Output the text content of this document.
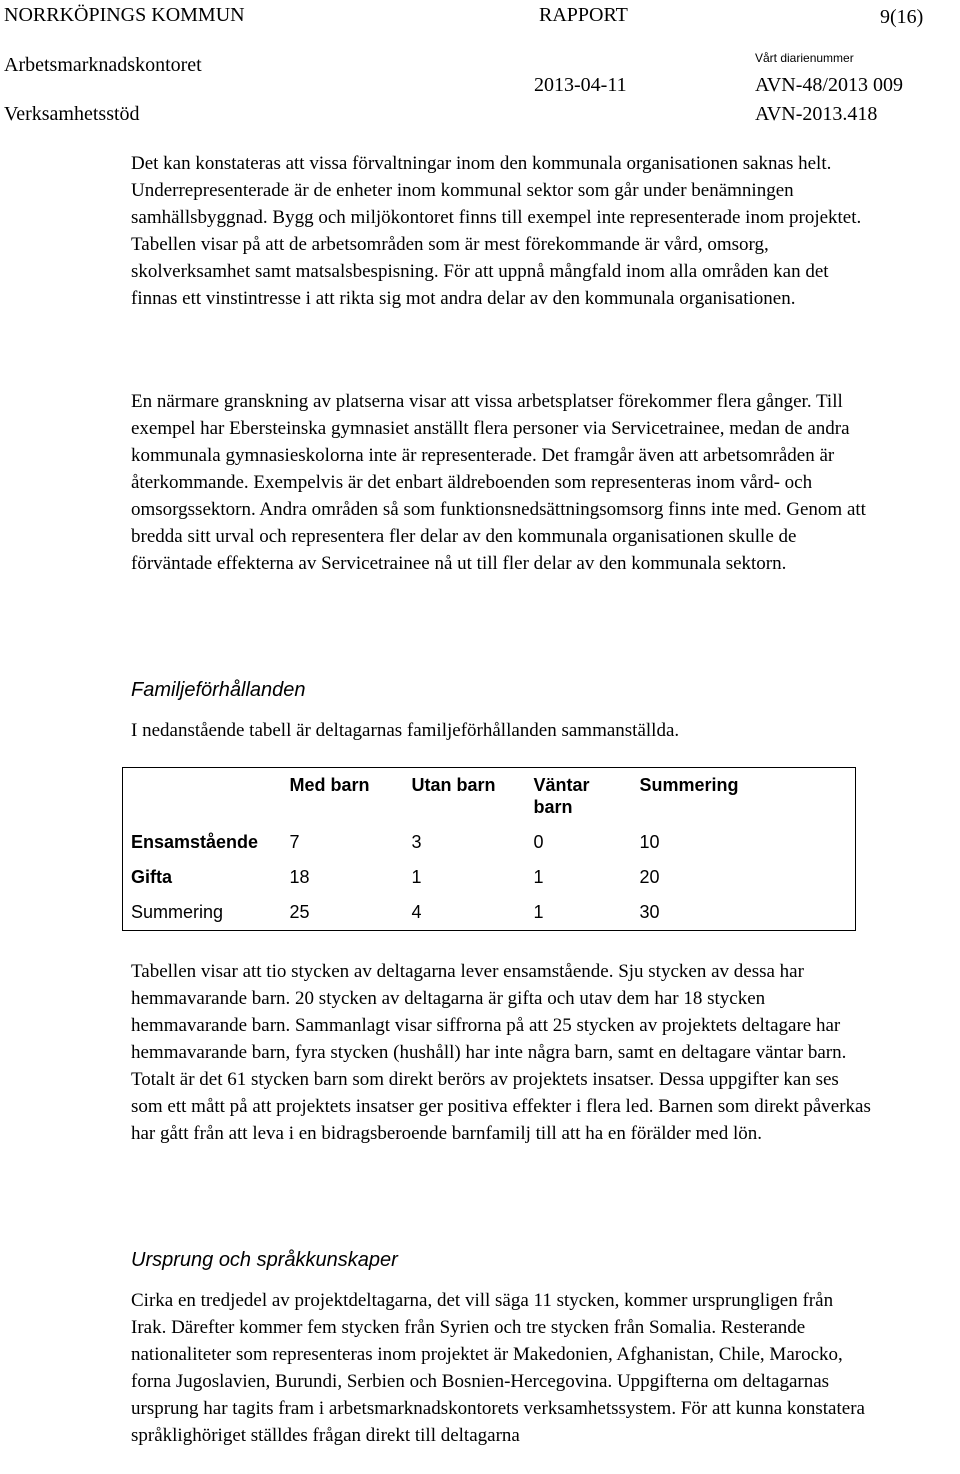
NORRKÖPINGS KOMMUN	RAPPORT	9(16)
Arbetsmarknadskontoret	Vårt diarienummer
2013-04-11	AVN-48/2013 009
Verksamhetsstöd	AVN-2013.418

Det kan konstateras att vissa förvaltningar inom den kommunala organisationen saknas helt. Underrepresenterade är de enheter inom kommunal sektor som går under benämningen samhällsbyggnad. Bygg och miljökontoret finns till exempel inte representerade inom projektet. Tabellen visar på att de arbetsområden som är mest förekommande är vård, omsorg, skolverksamhet samt matsalsbespisning. För att uppnå mångfald inom alla områden kan det finnas ett vinstintresse i att rikta sig mot andra delar av den kommunala organisationen.

En närmare granskning av platserna visar att vissa arbetsplatser förekommer flera gånger. Till exempel har Ebersteinska gymnasiet anställt flera personer via Servicetrainee, medan de andra kommunala gymnasieskolorna inte är representerade. Det framgår även att arbetsområden är återkommande. Exempelvis är det enbart äldreboenden som representeras inom vård- och omsorgssektorn. Andra områden så som funktionsnedsättningsomsorg finns inte med. Genom att bredda sitt urval och representera fler delar av den kommunala organisationen skulle de förväntade effekterna av Servicetrainee nå ut till fler delar av den kommunala sektorn.

Familjeförhållanden

I nedanstående tabell är deltagarnas familjeförhållanden sammanställda.

	Med barn	Utan barn	Väntar barn	Summering
Ensamstående	7	3	0	10
Gifta	18	1	1	20
Summering	25	4	1	30

Tabellen visar att tio stycken av deltagarna lever ensamstående. Sju stycken av dessa har hemmavarande barn. 20 stycken av deltagarna är gifta och utav dem har 18 stycken hemmavarande barn. Sammanlagt visar siffrorna på att 25 stycken av projektets deltagare har hemmavarande barn, fyra stycken (hushåll) har inte några barn, samt en deltagare väntar barn. Totalt är det 61 stycken barn som direkt berörs av projektets insatser. Dessa uppgifter kan ses som ett mått på att projektets insatser ger positiva effekter i flera led. Barnen som direkt påverkas har gått från att leva i en bidragsberoende barnfamilj till att ha en förälder med lön.

Ursprung och språkkunskaper

Cirka en tredjedel av projektdeltagarna, det vill säga 11 stycken, kommer ursprungligen från Irak. Därefter kommer fem stycken från Syrien och tre stycken från Somalia. Resterande nationaliteter som representeras inom projektet är Makedonien, Afghanistan, Chile, Marocko, forna Jugoslavien, Burundi, Serbien och Bosnien-Hercegovina. Uppgifterna om deltagarnas ursprung har tagits fram i arbetsmarknadskontorets verksamhetssystem. För att kunna konstatera språklighöriget ställdes frågan direkt till deltagarna
